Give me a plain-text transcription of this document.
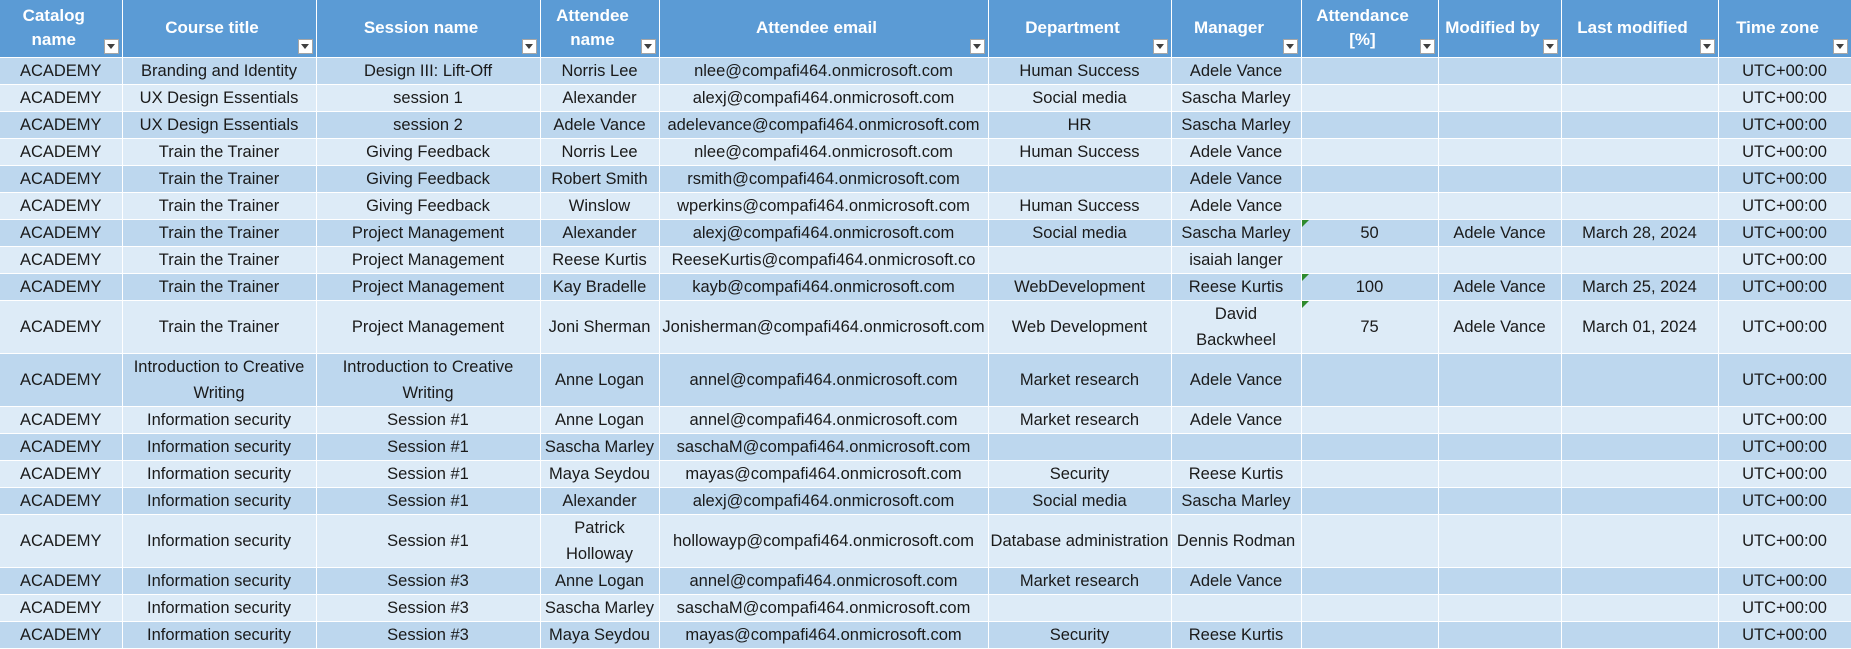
Catalog name	Course title	Session name	Attendee name	Attendee email	Department	Manager	Attendance [%]	Modified by	Last modified	Time zone

ACADEMY	Branding and Identity	Design III: Lift-Off	Norris Lee	nlee@compafi464.onmicrosoft.com	Human Success	Adele Vance				UTC+00:00
ACADEMY	UX Design Essentials	session 1	Alexander	alexj@compafi464.onmicrosoft.com	Social media	Sascha Marley				UTC+00:00
ACADEMY	UX Design Essentials	session 2	Adele Vance	adelevance@compafi464.onmicrosoft.com	HR	Sascha Marley				UTC+00:00
ACADEMY	Train the Trainer	Giving Feedback	Norris Lee	nlee@compafi464.onmicrosoft.com	Human Success	Adele Vance				UTC+00:00
ACADEMY	Train the Trainer	Giving Feedback	Robert Smith	rsmith@compafi464.onmicrosoft.com		Adele Vance				UTC+00:00
ACADEMY	Train the Trainer	Giving Feedback	Winslow	wperkins@compafi464.onmicrosoft.com	Human Success	Adele Vance				UTC+00:00
ACADEMY	Train the Trainer	Project Management	Alexander	alexj@compafi464.onmicrosoft.com	Social media	Sascha Marley	50	Adele Vance	March 28, 2024	UTC+00:00
ACADEMY	Train the Trainer	Project Management	Reese Kurtis	ReeseKurtis@compafi464.onmicrosoft.co		isaiah langer				UTC+00:00
ACADEMY	Train the Trainer	Project Management	Kay Bradelle	kayb@compafi464.onmicrosoft.com	WebDevelopment	Reese Kurtis	100	Adele Vance	March 25, 2024	UTC+00:00
ACADEMY	Train the Trainer	Project Management	Joni Sherman	Jonisherman@compafi464.onmicrosoft.com	Web Development	David Backwheel	75	Adele Vance	March 01, 2024	UTC+00:00
ACADEMY	Introduction to Creative Writing	Introduction to Creative Writing	Anne Logan	annel@compafi464.onmicrosoft.com	Market research	Adele Vance				UTC+00:00
ACADEMY	Information security	Session #1	Anne Logan	annel@compafi464.onmicrosoft.com	Market research	Adele Vance				UTC+00:00
ACADEMY	Information security	Session #1	Sascha Marley	saschaM@compafi464.onmicrosoft.com						UTC+00:00
ACADEMY	Information security	Session #1	Maya Seydou	mayas@compafi464.onmicrosoft.com	Security	Reese Kurtis				UTC+00:00
ACADEMY	Information security	Session #1	Alexander	alexj@compafi464.onmicrosoft.com	Social media	Sascha Marley				UTC+00:00
ACADEMY	Information security	Session #1	Patrick Holloway	hollowayp@compafi464.onmicrosoft.com	Database administration	Dennis Rodman				UTC+00:00
ACADEMY	Information security	Session #3	Anne Logan	annel@compafi464.onmicrosoft.com	Market research	Adele Vance				UTC+00:00
ACADEMY	Information security	Session #3	Sascha Marley	saschaM@compafi464.onmicrosoft.com						UTC+00:00
ACADEMY	Information security	Session #3	Maya Seydou	mayas@compafi464.onmicrosoft.com	Security	Reese Kurtis				UTC+00:00
